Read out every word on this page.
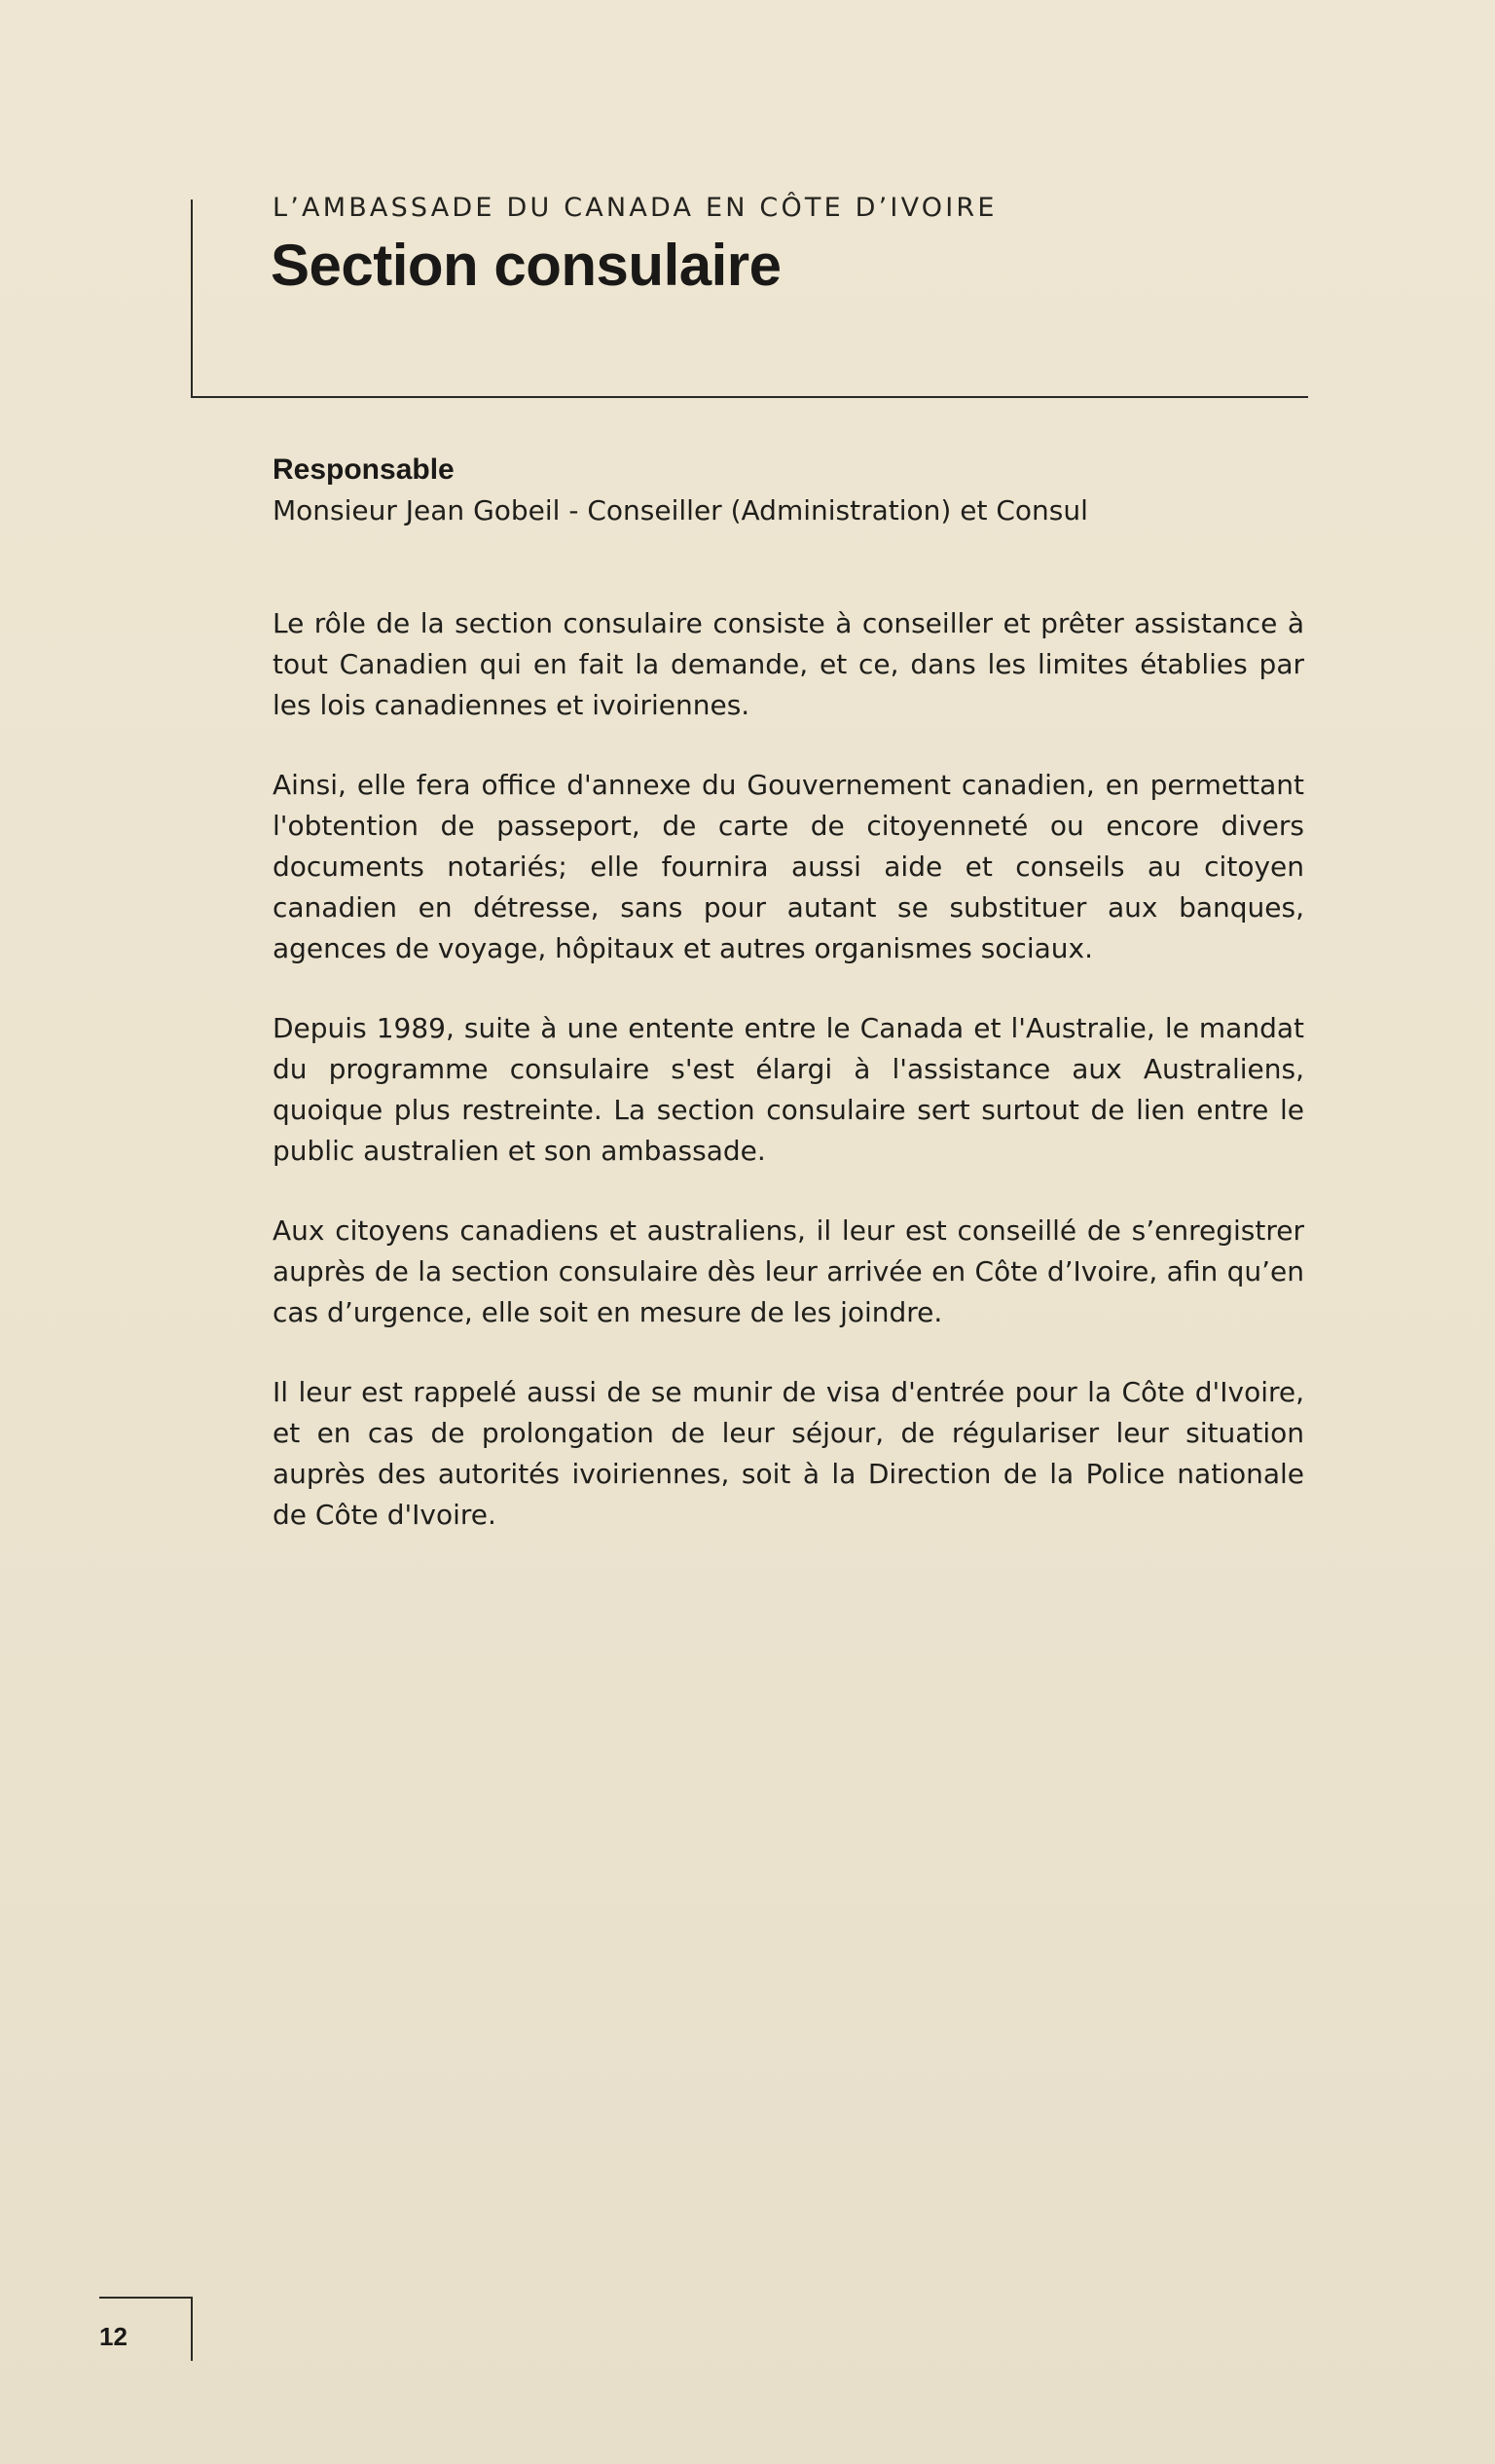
L’AMBASSADE DU CANADA EN CÔTE D’IVOIRE
Section consulaire
Responsable
Monsieur Jean Gobeil - Conseiller (Administration) et Consul

Le rôle de la section consulaire consiste à conseiller et prêter assistance à tout Canadien qui en fait la demande, et ce, dans les limites établies par les lois canadiennes et ivoiriennes.

Ainsi, elle fera office d'annexe du Gouvernement canadien, en permettant l'obtention de passeport, de carte de citoyenneté ou encore divers documents notariés; elle fournira aussi aide et conseils au citoyen canadien en détresse, sans pour autant se substituer aux banques, agences de voyage, hôpitaux et autres organismes sociaux.

Depuis 1989, suite à une entente entre le Canada et l'Australie, le mandat du programme consulaire s'est élargi à l'assistance aux Australiens, quoique plus restreinte. La section consulaire sert surtout de lien entre le public australien et son ambassade.

Aux citoyens canadiens et australiens, il leur est conseillé de s’enregistrer auprès de la section consulaire dès leur arrivée en Côte d’Ivoire, afin qu’en cas d’urgence, elle soit en mesure de les joindre.

Il leur est rappelé aussi de se munir de visa d'entrée pour la Côte d'Ivoire, et en cas de prolongation de leur séjour, de régulariser leur situation auprès des autorités ivoiriennes, soit à la Direction de la Police nationale de Côte d'Ivoire.

12
